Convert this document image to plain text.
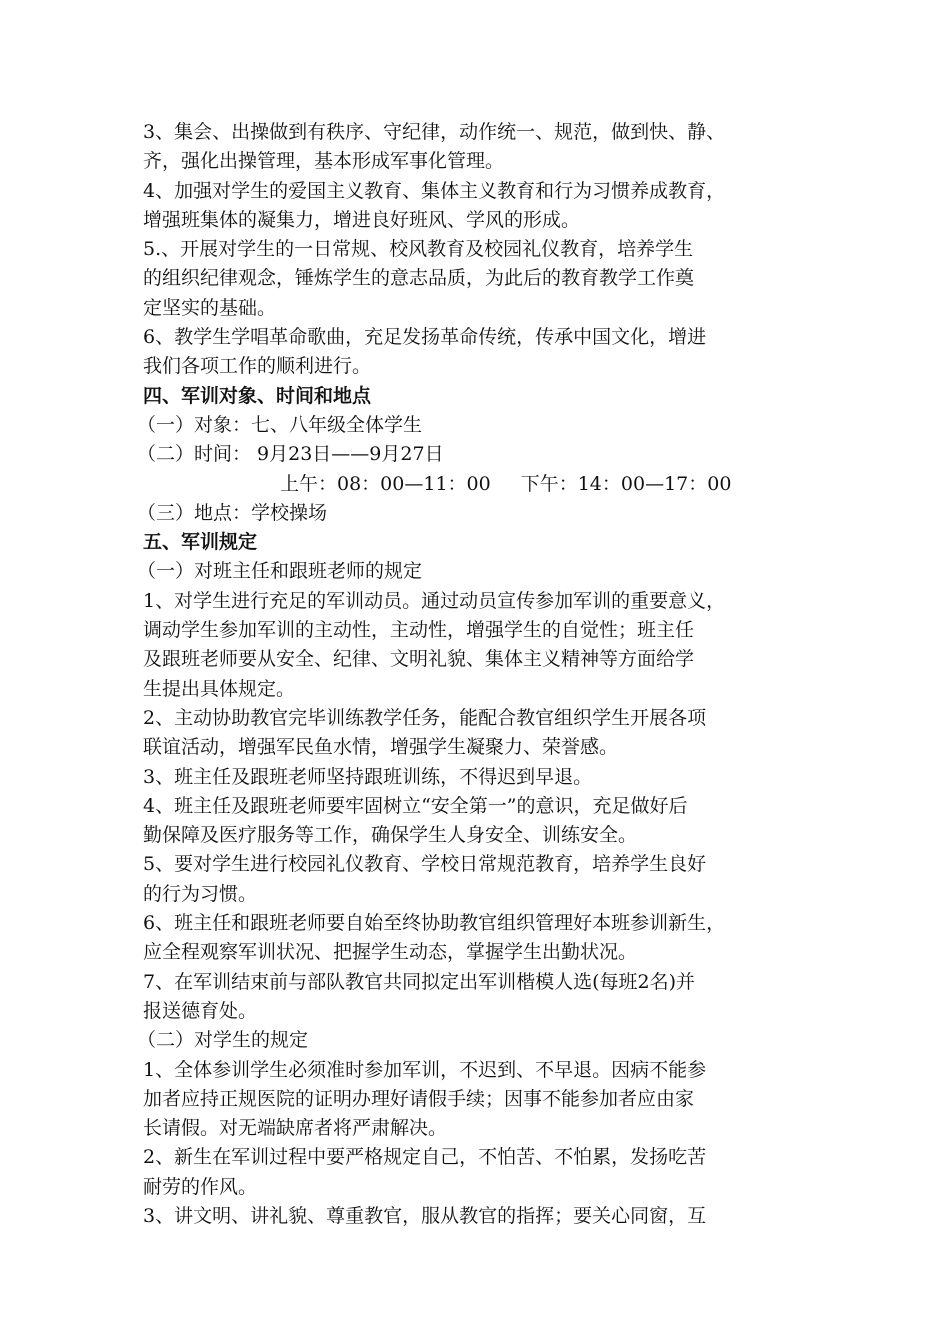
3、集会、出操做到有秩序、守纪律，动作统一、规范，做到快、静、
齐，强化出操管理，基本形成军事化管理。
4、加强对学生的爱国主义教育、集体主义教育和行为习惯养成教育，
增强班集体的凝集力，增进良好班风、学风的形成。
5.、开展对学生的一日常规、校风教育及校园礼仪教育，培养学生
的组织纪律观念，锤炼学生的意志品质，为此后的教育教学工作奠
定坚实的基础。
6、教学生学唱革命歌曲，充足发扬革命传统，传承中国文化，增进
我们各项工作的顺利进行。
四、军训对象、时间和地点
（一）对象：七、八年级全体学生
（二）时间： 9月23日——9月27日
上午：08：00—11：00 下午：14：00—17：00
（三）地点：学校操场
五、军训规定
（一）对班主任和跟班老师的规定
1、对学生进行充足的军训动员。通过动员宣传参加军训的重要意义，
调动学生参加军训的主动性，主动性，增强学生的自觉性；班主任
及跟班老师要从安全、纪律、文明礼貌、集体主义精神等方面给学
生提出具体规定。
2、主动协助教官完毕训练教学任务，能配合教官组织学生开展各项
联谊活动，增强军民鱼水情，增强学生凝聚力、荣誉感。
3、班主任及跟班老师坚持跟班训练，不得迟到早退。
4、班主任及跟班老师要牢固树立“安全第一”的意识，充足做好后
勤保障及医疗服务等工作，确保学生人身安全、训练安全。
5、要对学生进行校园礼仪教育、学校日常规范教育，培养学生良好
的行为习惯。
6、班主任和跟班老师要自始至终协助教官组织管理好本班参训新生，
应全程观察军训状况、把握学生动态，掌握学生出勤状况。
7、在军训结束前与部队教官共同拟定出军训楷模人选(每班2名)并
报送德育处。
（二）对学生的规定
1、全体参训学生必须准时参加军训，不迟到、不早退。因病不能参
加者应持正规医院的证明办理好请假手续；因事不能参加者应由家
长请假。对无端缺席者将严肃解决。
2、新生在军训过程中要严格规定自己，不怕苦、不怕累，发扬吃苦
耐劳的作风。
3、讲文明、讲礼貌、尊重教官，服从教官的指挥；要关心同窗，互
